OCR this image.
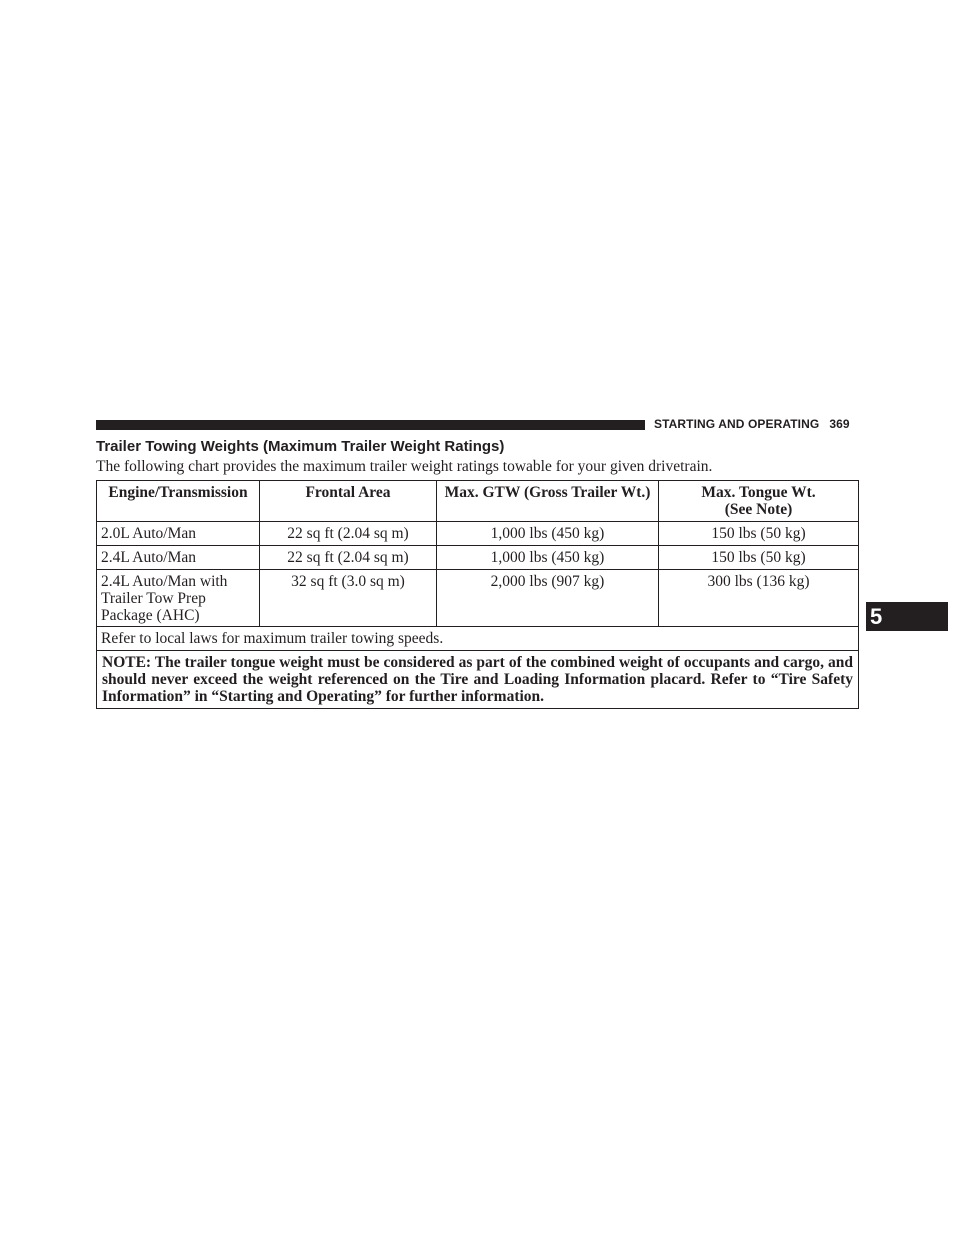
STARTING AND OPERATING 369
Trailer Towing Weights (Maximum Trailer Weight Ratings)
The following chart provides the maximum trailer weight ratings towable for your given drivetrain.
Engine/Transmission	Frontal Area	Max. GTW (Gross Trailer Wt.)	Max. Tongue Wt.
(See Note)

2.0L Auto/Man	22 sq ft (2.04 sq m)	1,000 lbs (450 kg)	150 lbs (50 kg)
2.4L Auto/Man	22 sq ft (2.04 sq m)	1,000 lbs (450 kg)	150 lbs (50 kg)

2.4L Auto/Man with
Trailer Tow Prep
Package (AHC)	32 sq ft (3.0 sq m)	2,000 lbs (907 kg)	300 lbs (136 kg)
Refer to local laws for maximum trailer towing speeds.			
NOTE: The trailer tongue weight must be considered as part of the combined weight of occupants and cargo, and should never exceed the weight referenced on the Tire and Loading Information placard. Refer to “Tire Safety Information” in “Starting and Operating” for further information.			
5
